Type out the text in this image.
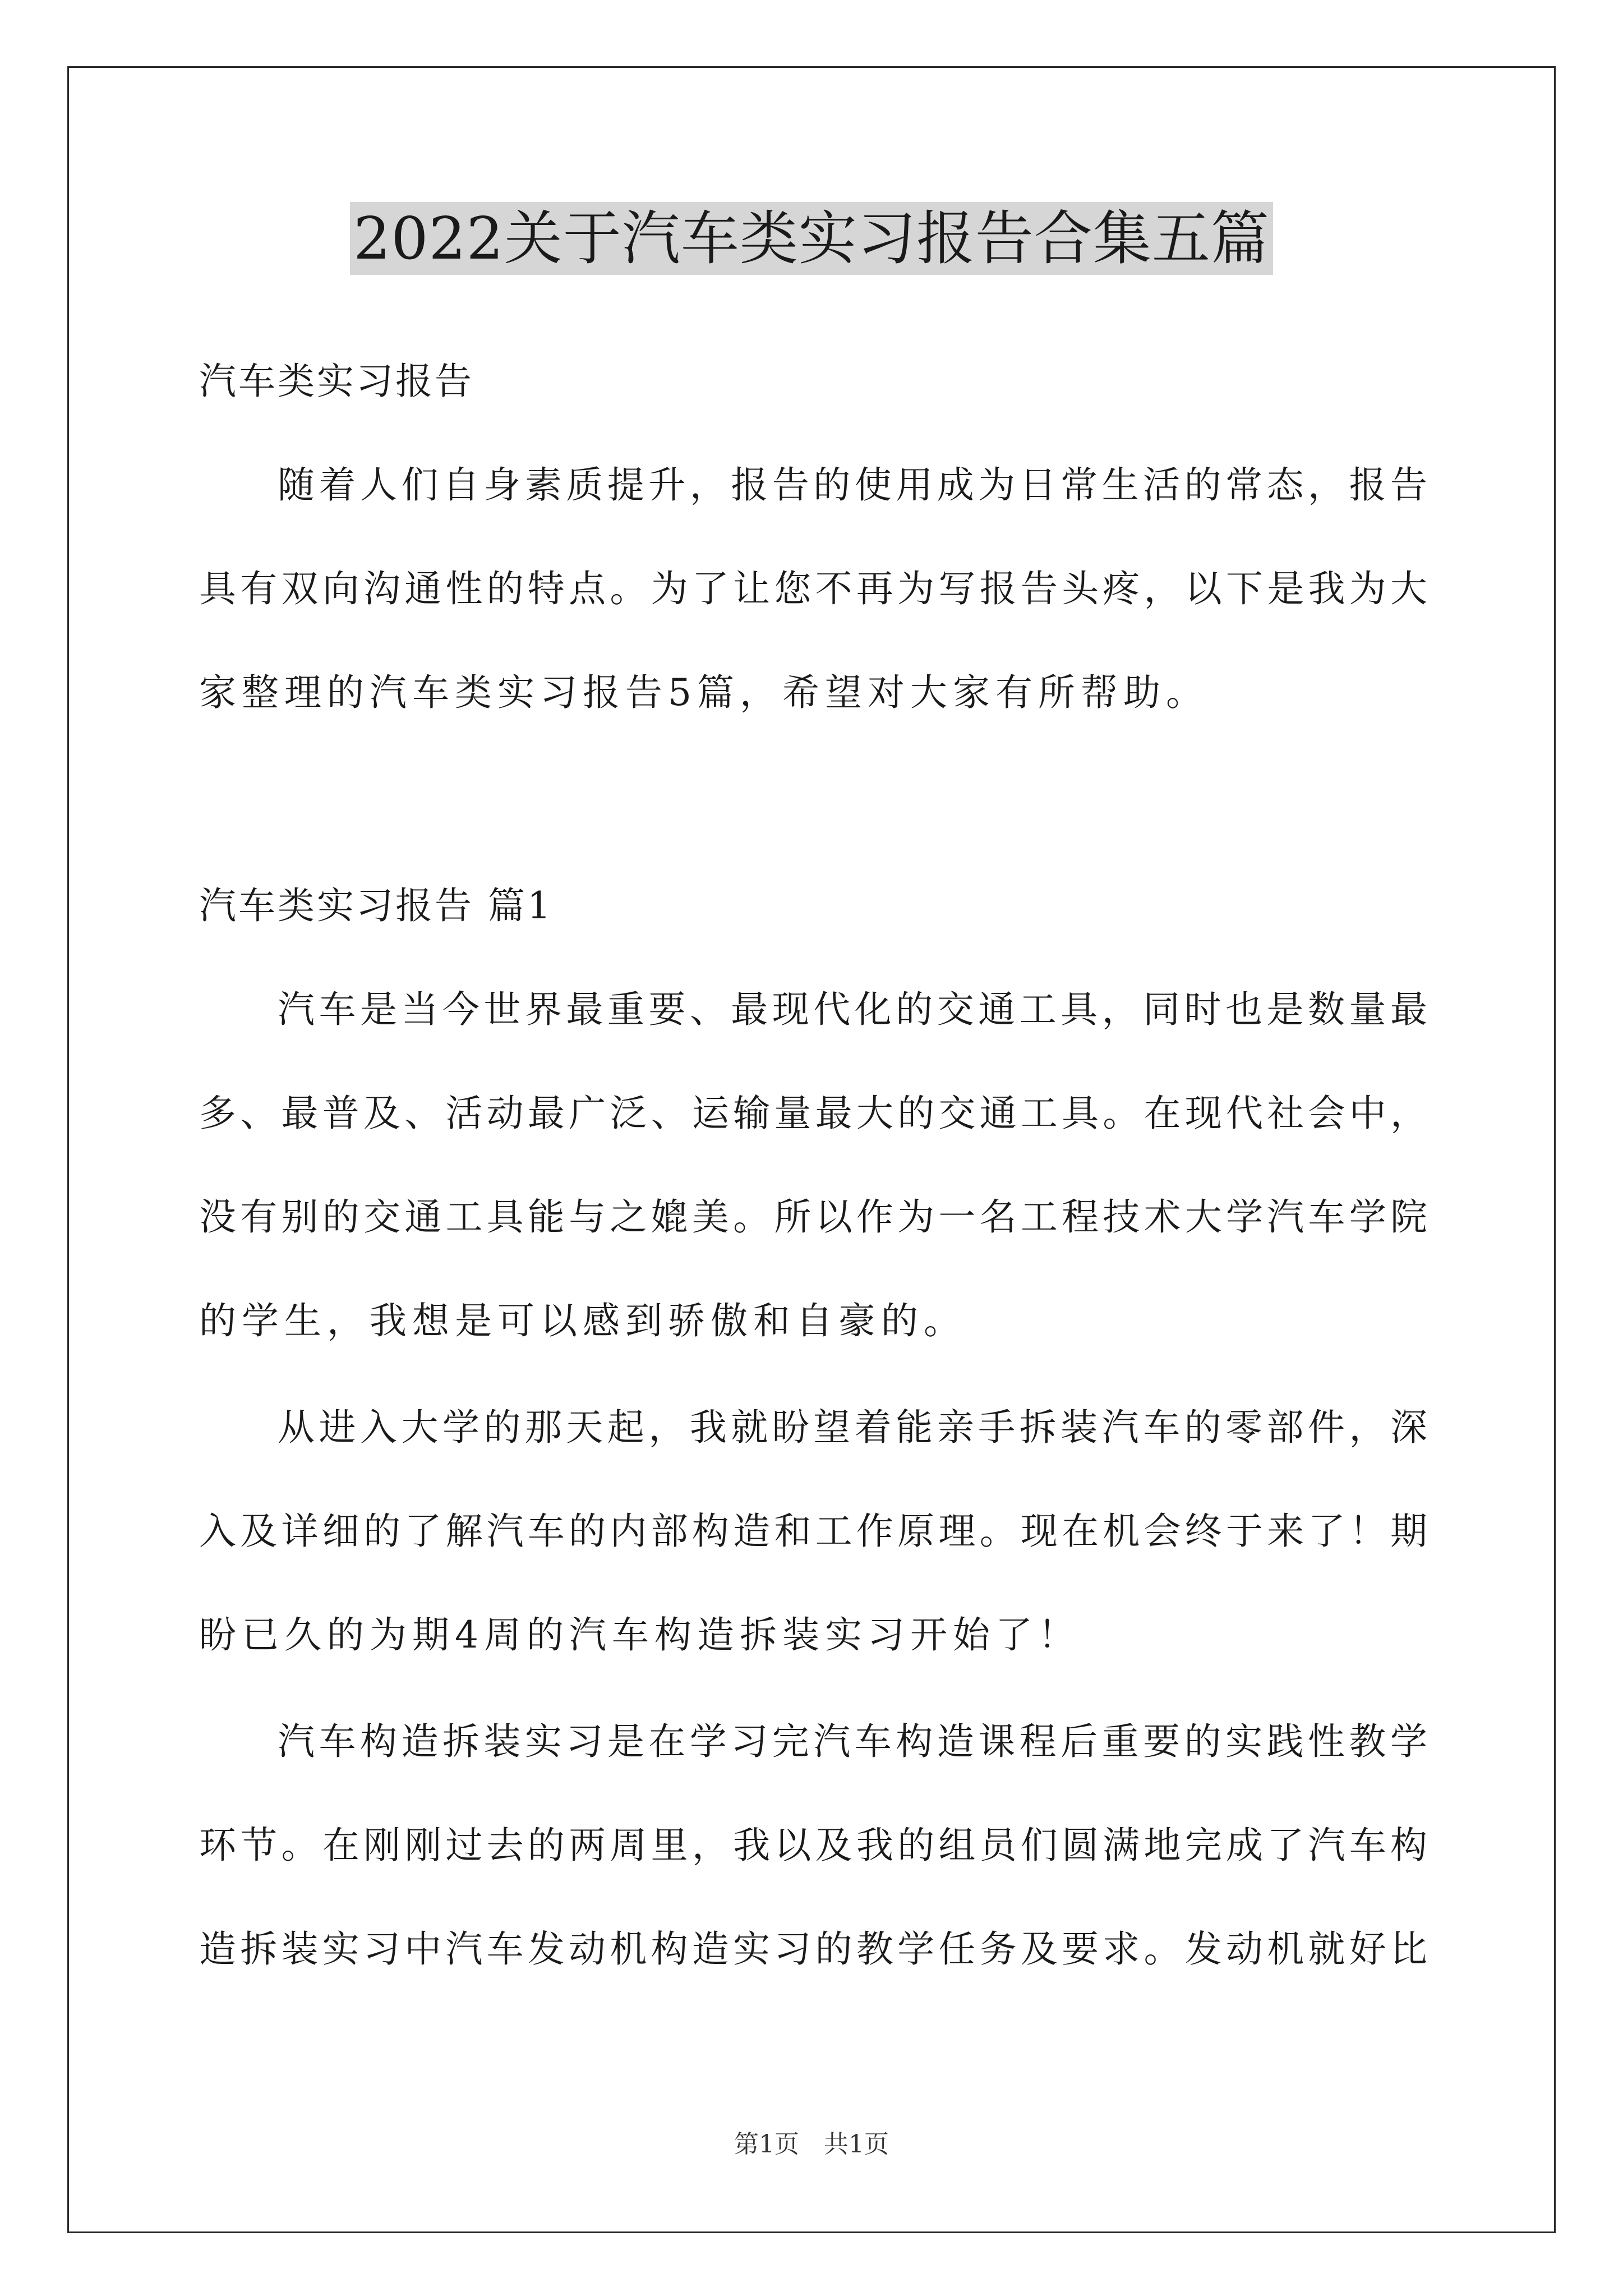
2022关于汽车类实习报告合集五篇
汽车类实习报告
随着人们自身素质提升，报告的使用成为日常生活的常态，报告
具有双向沟通性的特点。为了让您不再为写报告头疼，以下是我为大
家整理的汽车类实习报告5篇，希望对大家有所帮助。
汽车类实习报告 篇1
汽车是当今世界最重要、最现代化的交通工具，同时也是数量最
多、最普及、活动最广泛、运输量最大的交通工具。在现代社会中，
没有别的交通工具能与之媲美。所以作为一名工程技术大学汽车学院
的学生，我想是可以感到骄傲和自豪的。
从进入大学的那天起，我就盼望着能亲手拆装汽车的零部件，深
入及详细的了解汽车的内部构造和工作原理。现在机会终于来了！期
盼已久的为期4周的汽车构造拆装实习开始了！
汽车构造拆装实习是在学习完汽车构造课程后重要的实践性教学
环节。在刚刚过去的两周里，我以及我的组员们圆满地完成了汽车构
造拆装实习中汽车发动机构造实习的教学任务及要求。发动机就好比
第1页　共1页
